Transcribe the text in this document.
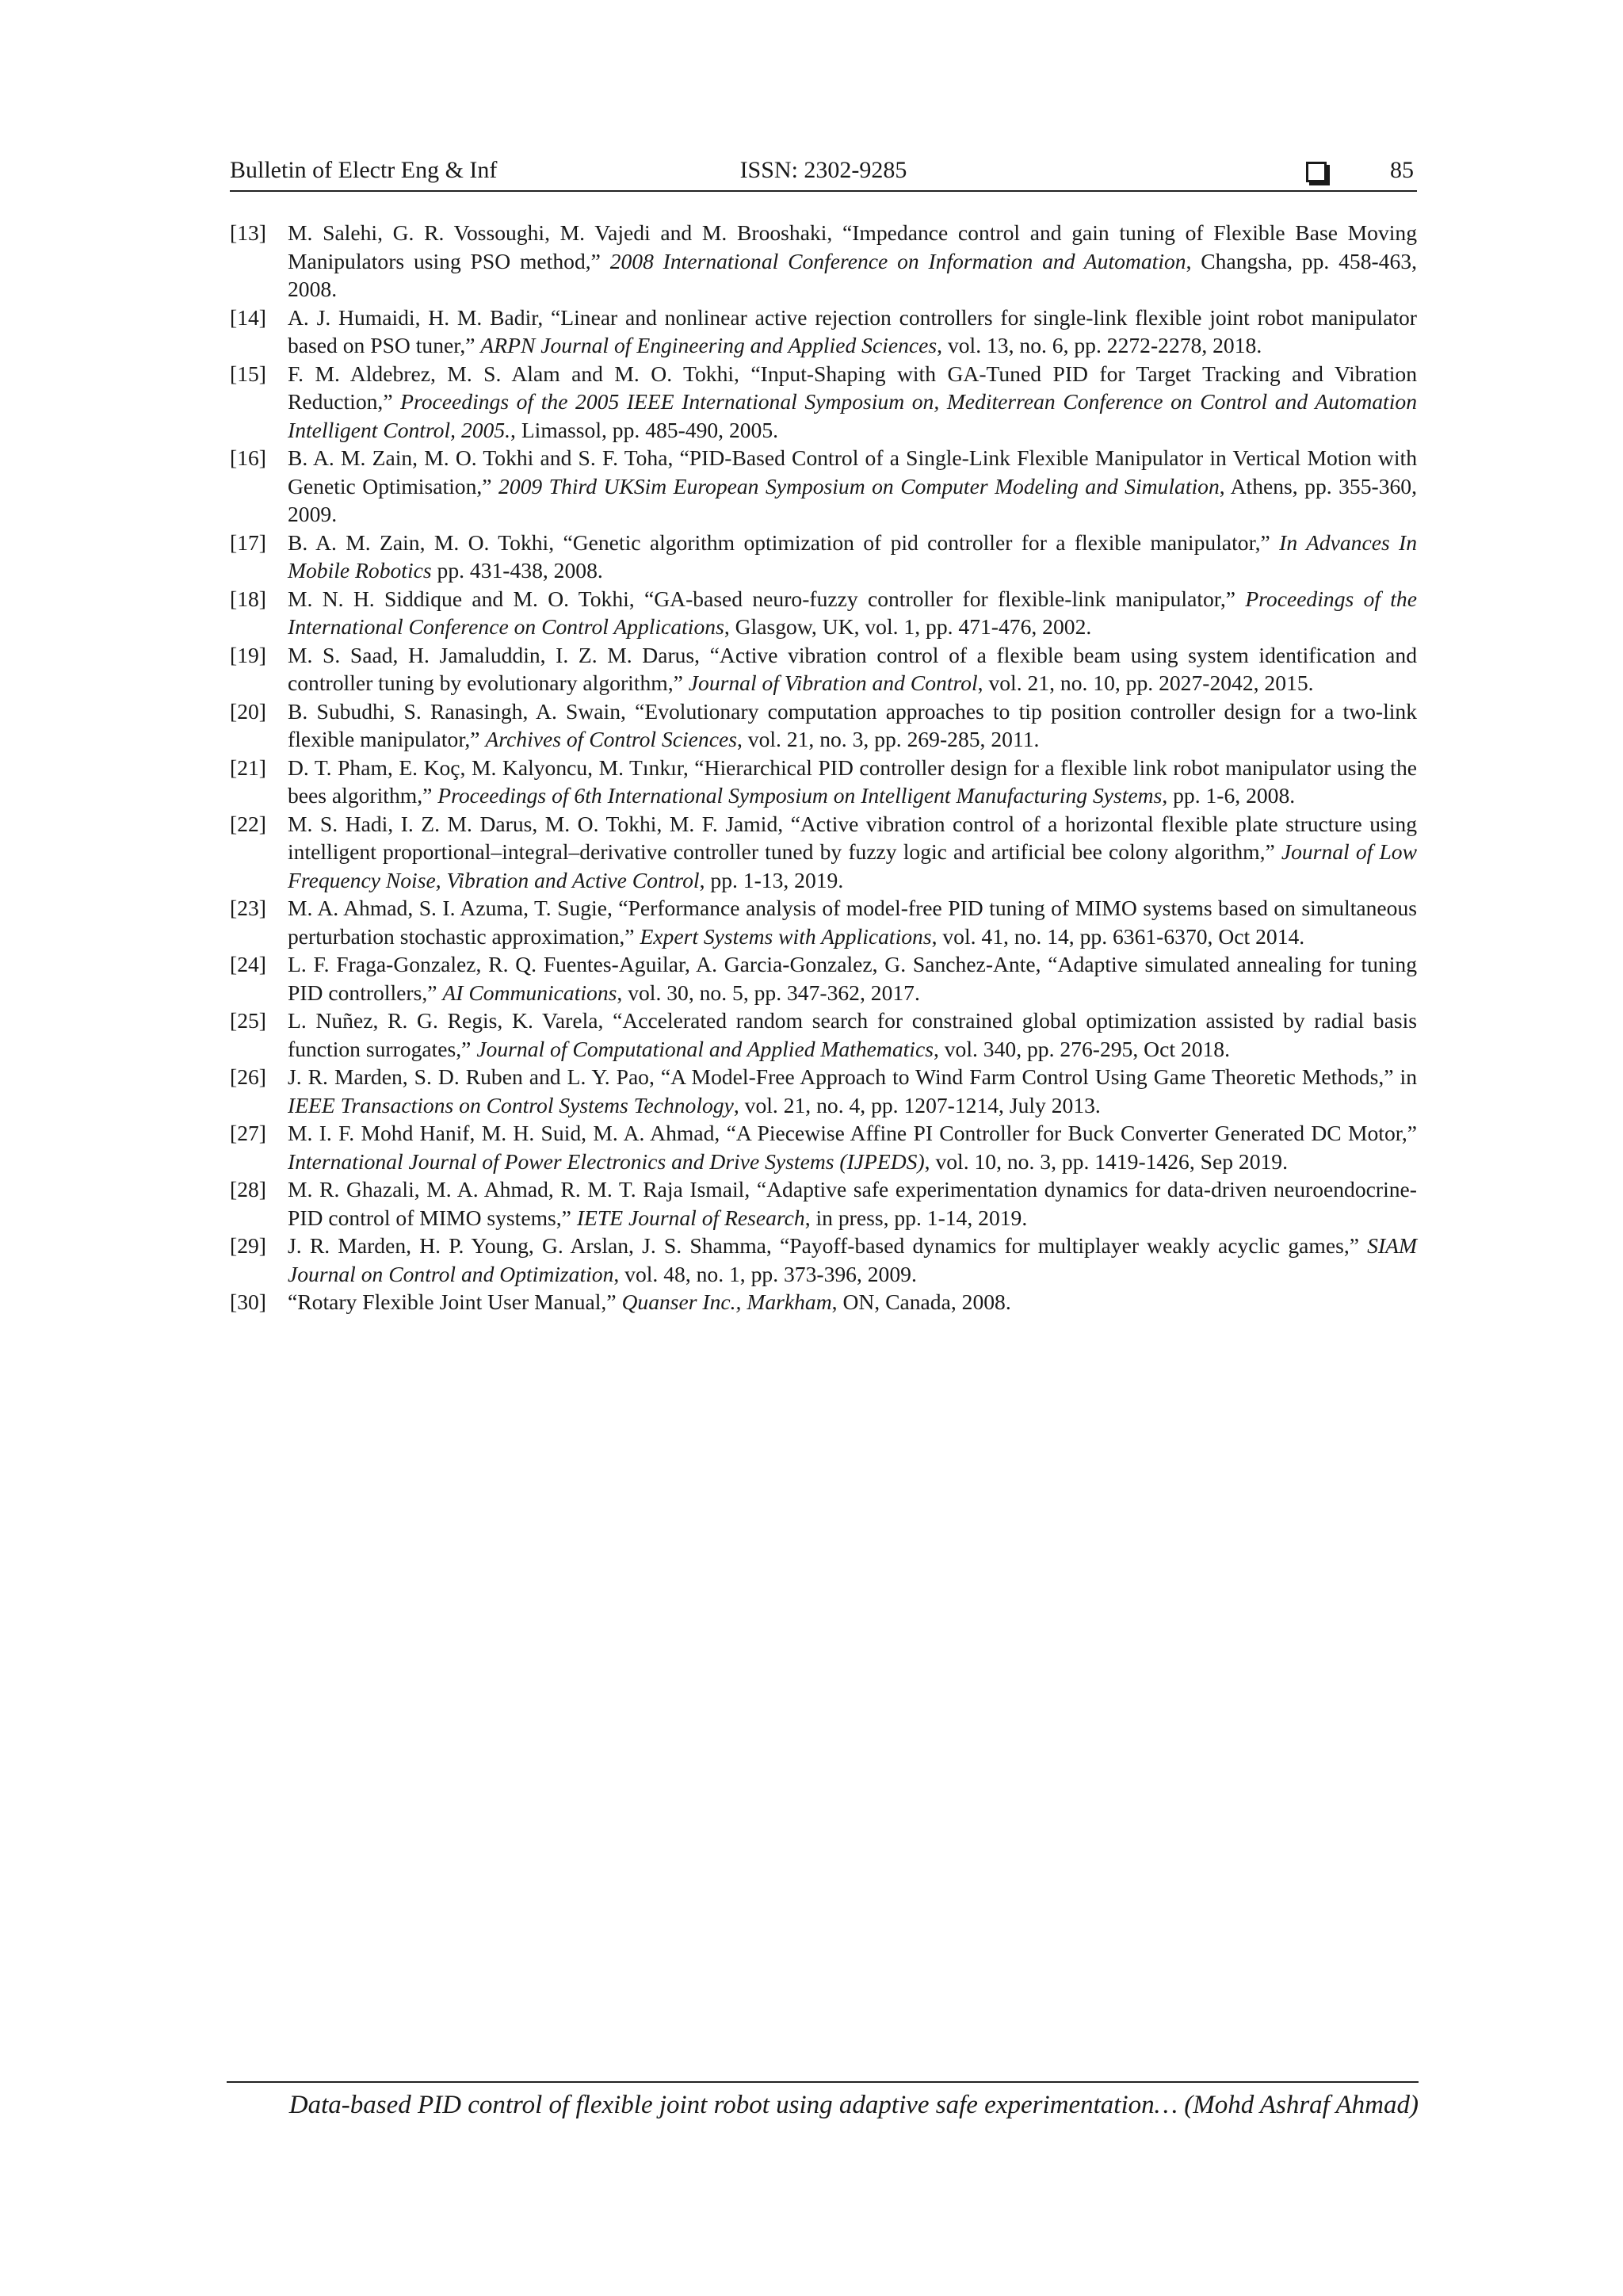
Bulletin of Electr Eng & Inf	ISSN: 2302-9285	85
[13] M. Salehi, G. R. Vossoughi, M. Vajedi and M. Brooshaki, “Impedance control and gain tuning of Flexible Base Moving Manipulators using PSO method,” 2008 International Conference on Information and Automation, Changsha, pp. 458-463, 2008.
[14] A. J. Humaidi, H. M. Badir, “Linear and nonlinear active rejection controllers for single-link flexible joint robot manipulator based on PSO tuner,” ARPN Journal of Engineering and Applied Sciences, vol. 13, no. 6, pp. 2272-2278, 2018.
[15] F. M. Aldebrez, M. S. Alam and M. O. Tokhi, “Input-Shaping with GA-Tuned PID for Target Tracking and Vibration Reduction,” Proceedings of the 2005 IEEE International Symposium on, Mediterrean Conference on Control and Automation Intelligent Control, 2005., Limassol, pp. 485-490, 2005.
[16] B. A. M. Zain, M. O. Tokhi and S. F. Toha, “PID-Based Control of a Single-Link Flexible Manipulator in Vertical Motion with Genetic Optimisation,” 2009 Third UKSim European Symposium on Computer Modeling and Simulation, Athens, pp. 355-360, 2009.
[17] B. A. M. Zain, M. O. Tokhi, “Genetic algorithm optimization of pid controller for a flexible manipulator,” In Advances In Mobile Robotics pp. 431-438, 2008.
[18] M. N. H. Siddique and M. O. Tokhi, “GA-based neuro-fuzzy controller for flexible-link manipulator,” Proceedings of the International Conference on Control Applications, Glasgow, UK, vol. 1, pp. 471-476, 2002.
[19] M. S. Saad, H. Jamaluddin, I. Z. M. Darus, “Active vibration control of a flexible beam using system identification and controller tuning by evolutionary algorithm,” Journal of Vibration and Control, vol. 21, no. 10, pp. 2027-2042, 2015.
[20] B. Subudhi, S. Ranasingh, A. Swain, “Evolutionary computation approaches to tip position controller design for a two-link flexible manipulator,” Archives of Control Sciences, vol. 21, no. 3, pp. 269-285, 2011.
[21] D. T. Pham, E. Koç, M. Kalyoncu, M. Tınkır, “Hierarchical PID controller design for a flexible link robot manipulator using the bees algorithm,” Proceedings of 6th International Symposium on Intelligent Manufacturing Systems, pp. 1-6, 2008.
[22] M. S. Hadi, I. Z. M. Darus, M. O. Tokhi, M. F. Jamid, “Active vibration control of a horizontal flexible plate structure using intelligent proportional–integral–derivative controller tuned by fuzzy logic and artificial bee colony algorithm,” Journal of Low Frequency Noise, Vibration and Active Control, pp. 1-13, 2019.
[23] M. A. Ahmad, S. I. Azuma, T. Sugie, “Performance analysis of model-free PID tuning of MIMO systems based on simultaneous perturbation stochastic approximation,” Expert Systems with Applications, vol. 41, no. 14, pp. 6361-6370, Oct 2014.
[24] L. F. Fraga-Gonzalez, R. Q. Fuentes-Aguilar, A. Garcia-Gonzalez, G. Sanchez-Ante, “Adaptive simulated annealing for tuning PID controllers,” AI Communications, vol. 30, no. 5, pp. 347-362, 2017.
[25] L. Nuñez, R. G. Regis, K. Varela, “Accelerated random search for constrained global optimization assisted by radial basis function surrogates,” Journal of Computational and Applied Mathematics, vol. 340, pp. 276-295, Oct 2018.
[26] J. R. Marden, S. D. Ruben and L. Y. Pao, “A Model-Free Approach to Wind Farm Control Using Game Theoretic Methods,” in IEEE Transactions on Control Systems Technology, vol. 21, no. 4, pp. 1207-1214, July 2013.
[27] M. I. F. Mohd Hanif, M. H. Suid, M. A. Ahmad, “A Piecewise Affine PI Controller for Buck Converter Generated DC Motor,” International Journal of Power Electronics and Drive Systems (IJPEDS), vol. 10, no. 3, pp. 1419-1426, Sep 2019.
[28] M. R. Ghazali, M. A. Ahmad, R. M. T. Raja Ismail, “Adaptive safe experimentation dynamics for data-driven neuroendocrine-PID control of MIMO systems,” IETE Journal of Research, in press, pp. 1-14, 2019.
[29] J. R. Marden, H. P. Young, G. Arslan, J. S. Shamma, “Payoff-based dynamics for multiplayer weakly acyclic games,” SIAM Journal on Control and Optimization, vol. 48, no. 1, pp. 373-396, 2009.
[30] “Rotary Flexible Joint User Manual,” Quanser Inc., Markham, ON, Canada, 2008.
Data-based PID control of flexible joint robot using adaptive safe experimentation… (Mohd Ashraf Ahmad)
